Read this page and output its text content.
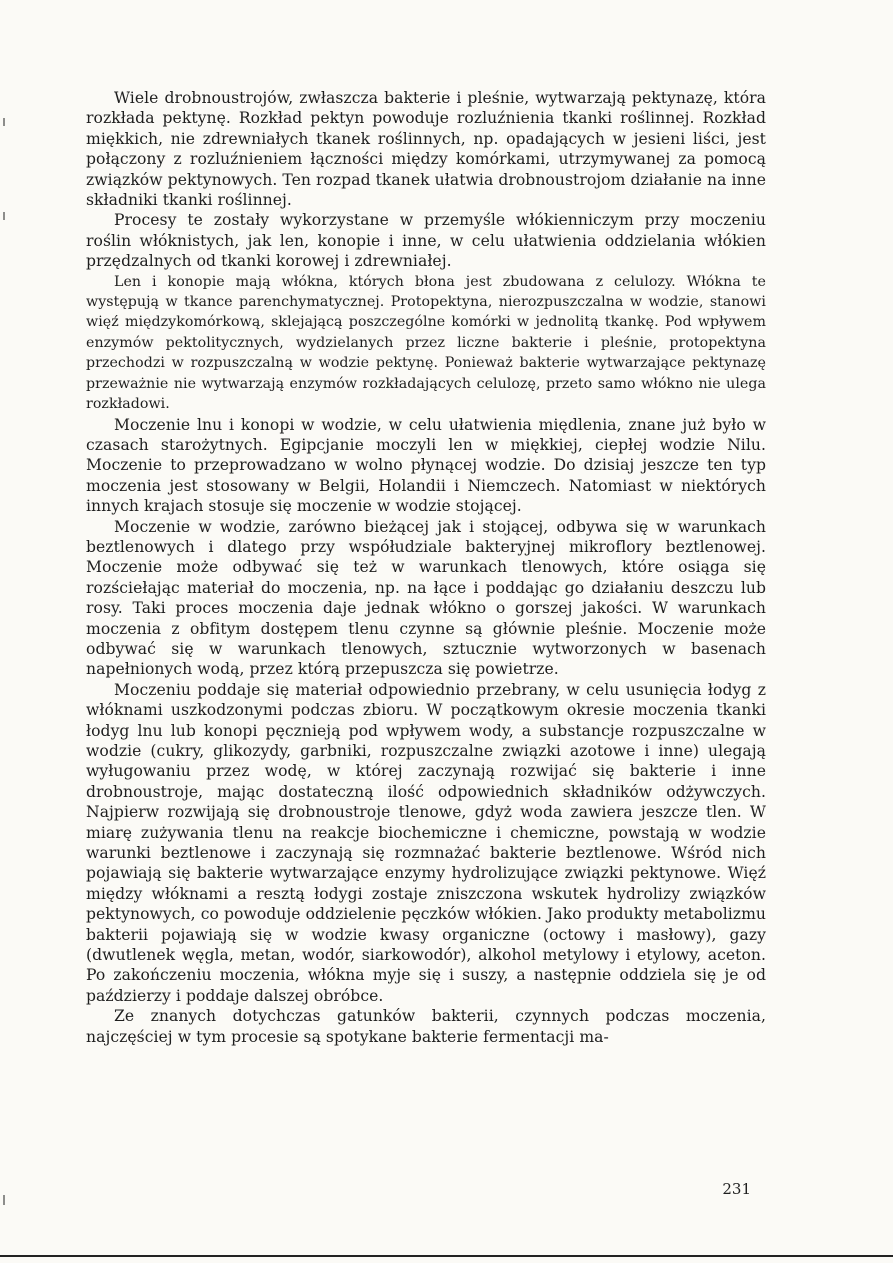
Wiele drobnoustrojów, zwłaszcza bakterie i pleśnie, wytwarzają pektynazę, która rozkłada pektynę. Rozkład pektyn powoduje rozluźnienia tkanki roślinnej. Rozkład miękkich, nie zdrewniałych tkanek roślinnych, np. opadających w jesieni liści, jest połączony z rozluźnieniem łączności między komórkami, utrzymywanej za pomocą związków pektynowych. Ten rozpad tkanek ułatwia drobnoustrojom działanie na inne składniki tkanki roślinnej.

Procesy te zostały wykorzystane w przemyśle włókienniczym przy moczeniu roślin włóknistych, jak len, konopie i inne, w celu ułatwienia oddzielania włókien przędzalnych od tkanki korowej i zdrewniałej.

Len i konopie mają włókna, których błona jest zbudowana z celulozy. Włókna te występują w tkance parenchymatycznej. Protopektyna, nierozpuszczalna w wodzie, stanowi więź międzykomórkową, sklejającą poszczególne komórki w jednolitą tkankę. Pod wpływem enzymów pektolitycznych, wydzielanych przez liczne bakterie i pleśnie, protopektyna przechodzi w rozpuszczalną w wodzie pektynę. Ponieważ bakterie wytwarzające pektynazę przeważnie nie wytwarzają enzymów rozkładających celulozę, przeto samo włókno nie ulega rozkładowi.

Moczenie lnu i konopi w wodzie, w celu ułatwienia międlenia, znane już było w czasach starożytnych. Egipcjanie moczyli len w miękkiej, ciepłej wodzie Nilu. Moczenie to przeprowadzano w wolno płynącej wodzie. Do dzisiaj jeszcze ten typ moczenia jest stosowany w Belgii, Holandii i Niemczech. Natomiast w niektórych innych krajach stosuje się moczenie w wodzie stojącej.

Moczenie w wodzie, zarówno bieżącej jak i stojącej, odbywa się w warunkach beztlenowych i dlatego przy współudziale bakteryjnej mikroflory beztlenowej. Moczenie może odbywać się też w warunkach tlenowych, które osiąga się rozściełając materiał do moczenia, np. na łące i poddając go działaniu deszczu lub rosy. Taki proces moczenia daje jednak włókno o gorszej jakości. W warunkach moczenia z obfitym dostępem tlenu czynne są głównie pleśnie. Moczenie może odbywać się w warunkach tlenowych, sztucznie wytworzonych w basenach napełnionych wodą, przez którą przepuszcza się powietrze.

Moczeniu poddaje się materiał odpowiednio przebrany, w celu usunięcia łodyg z włóknami uszkodzonymi podczas zbioru. W początkowym okresie moczenia tkanki łodyg lnu lub konopi pęcznieją pod wpływem wody, a substancje rozpuszczalne w wodzie (cukry, glikozydy, garbniki, rozpuszczalne związki azotowe i inne) ulegają wyługowaniu przez wodę, w której zaczynają rozwijać się bakterie i inne drobnoustroje, mając dostateczną ilość odpowiednich składników odżywczych. Najpierw rozwijają się drobnoustroje tlenowe, gdyż woda zawiera jeszcze tlen. W miarę zużywania tlenu na reakcje biochemiczne i chemiczne, powstają w wodzie warunki beztlenowe i zaczynają się rozmnażać bakterie beztlenowe. Wśród nich pojawiają się bakterie wytwarzające enzymy hydrolizujące związki pektynowe. Więź między włóknami a resztą łodygi zostaje zniszczona wskutek hydrolizy związków pektynowych, co powoduje oddzielenie pęczków włókien. Jako produkty metabolizmu bakterii pojawiają się w wodzie kwasy organiczne (octowy i masłowy), gazy (dwutlenek węgla, metan, wodór, siarkowodór), alkohol metylowy i etylowy, aceton. Po zakończeniu moczenia, włókna myje się i suszy, a następnie oddziela się je od paździerzy i poddaje dalszej obróbce.

Ze znanych dotychczas gatunków bakterii, czynnych podczas moczenia, najczęściej w tym procesie są spotykane bakterie fermentacji ma-

231
